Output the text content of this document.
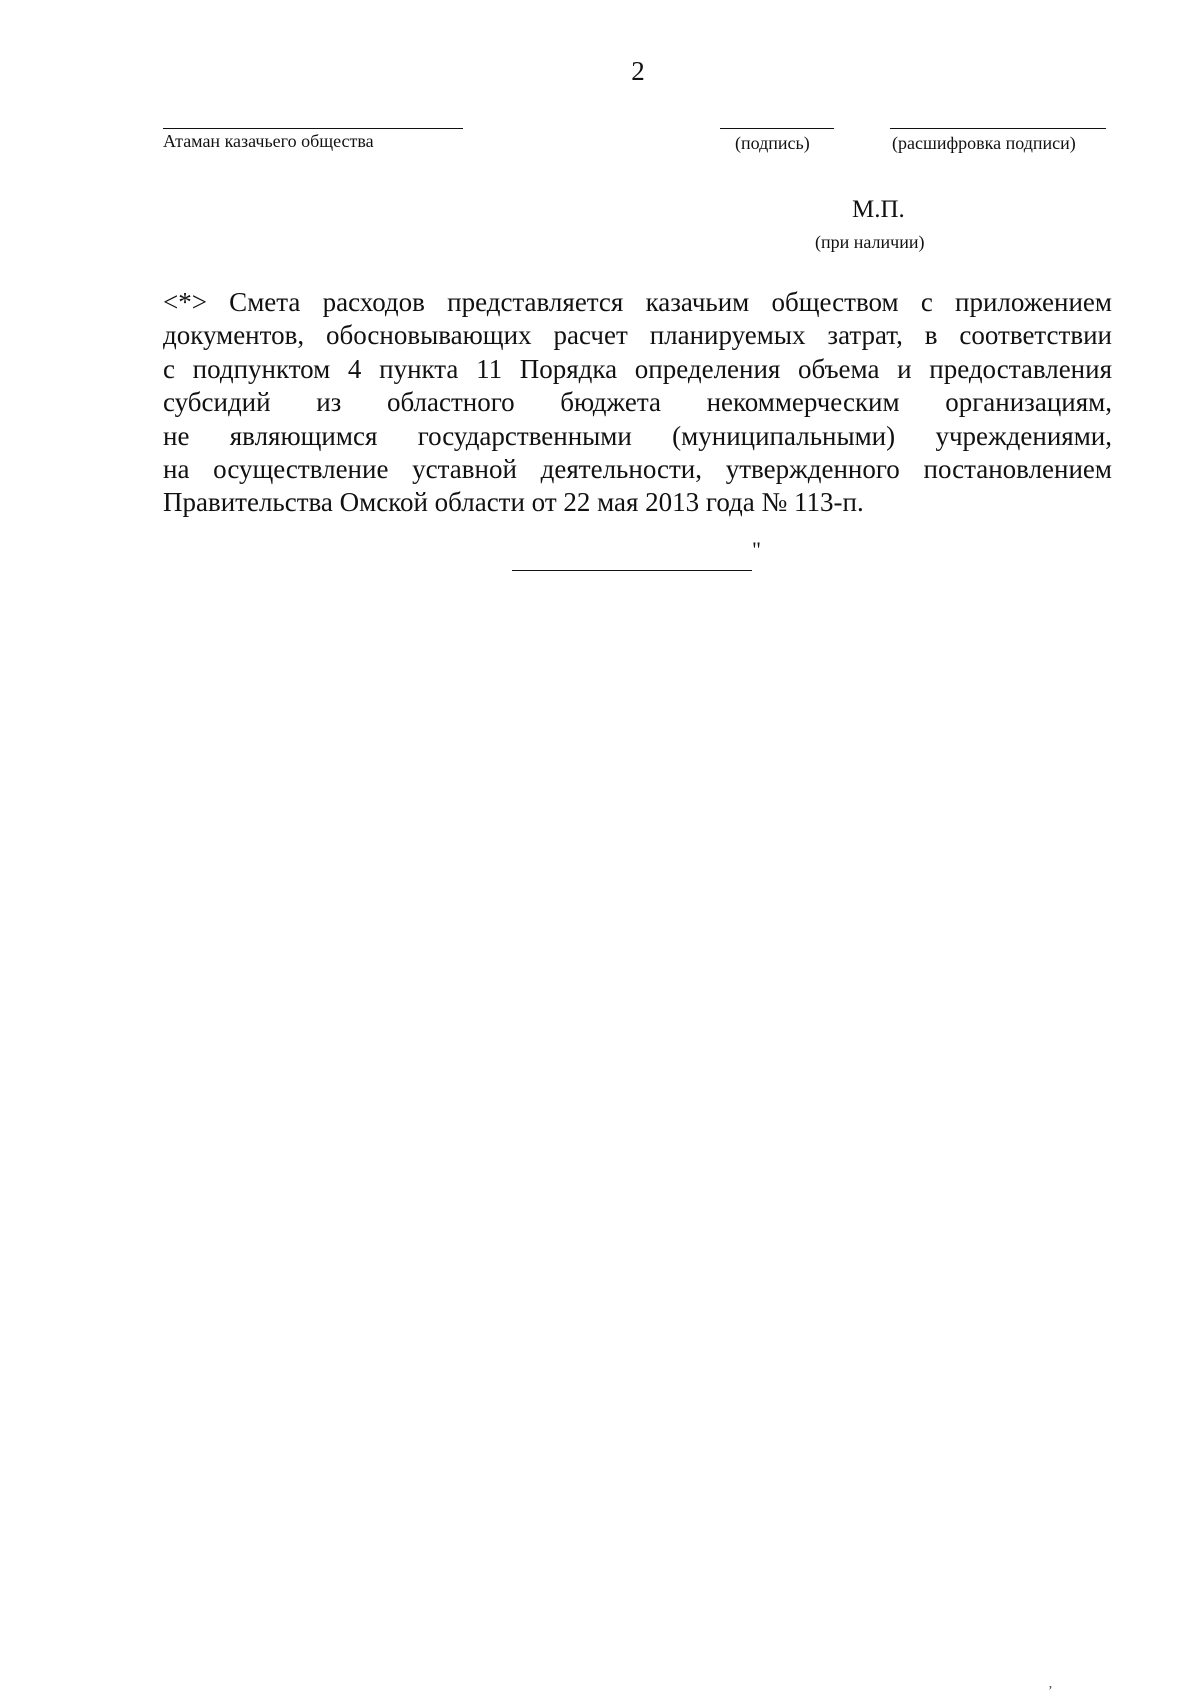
2
Атаман казачьего общества	(подпись)	(расшифровка подписи)
М.П.
(при наличии)
<*> Смета расходов представляется казачьим обществом с приложением
документов, обосновывающих расчет планируемых затрат, в соответствии
с подпунктом 4 пункта 11 Порядка определения объема и предоставления
субсидий из областного бюджета некоммерческим организациям,
не являющимся государственными (муниципальными) учреждениями,
на осуществление уставной деятельности, утвержденного постановлением
Правительства Омской области от 22 мая 2013 года № 113-п.
"
’
